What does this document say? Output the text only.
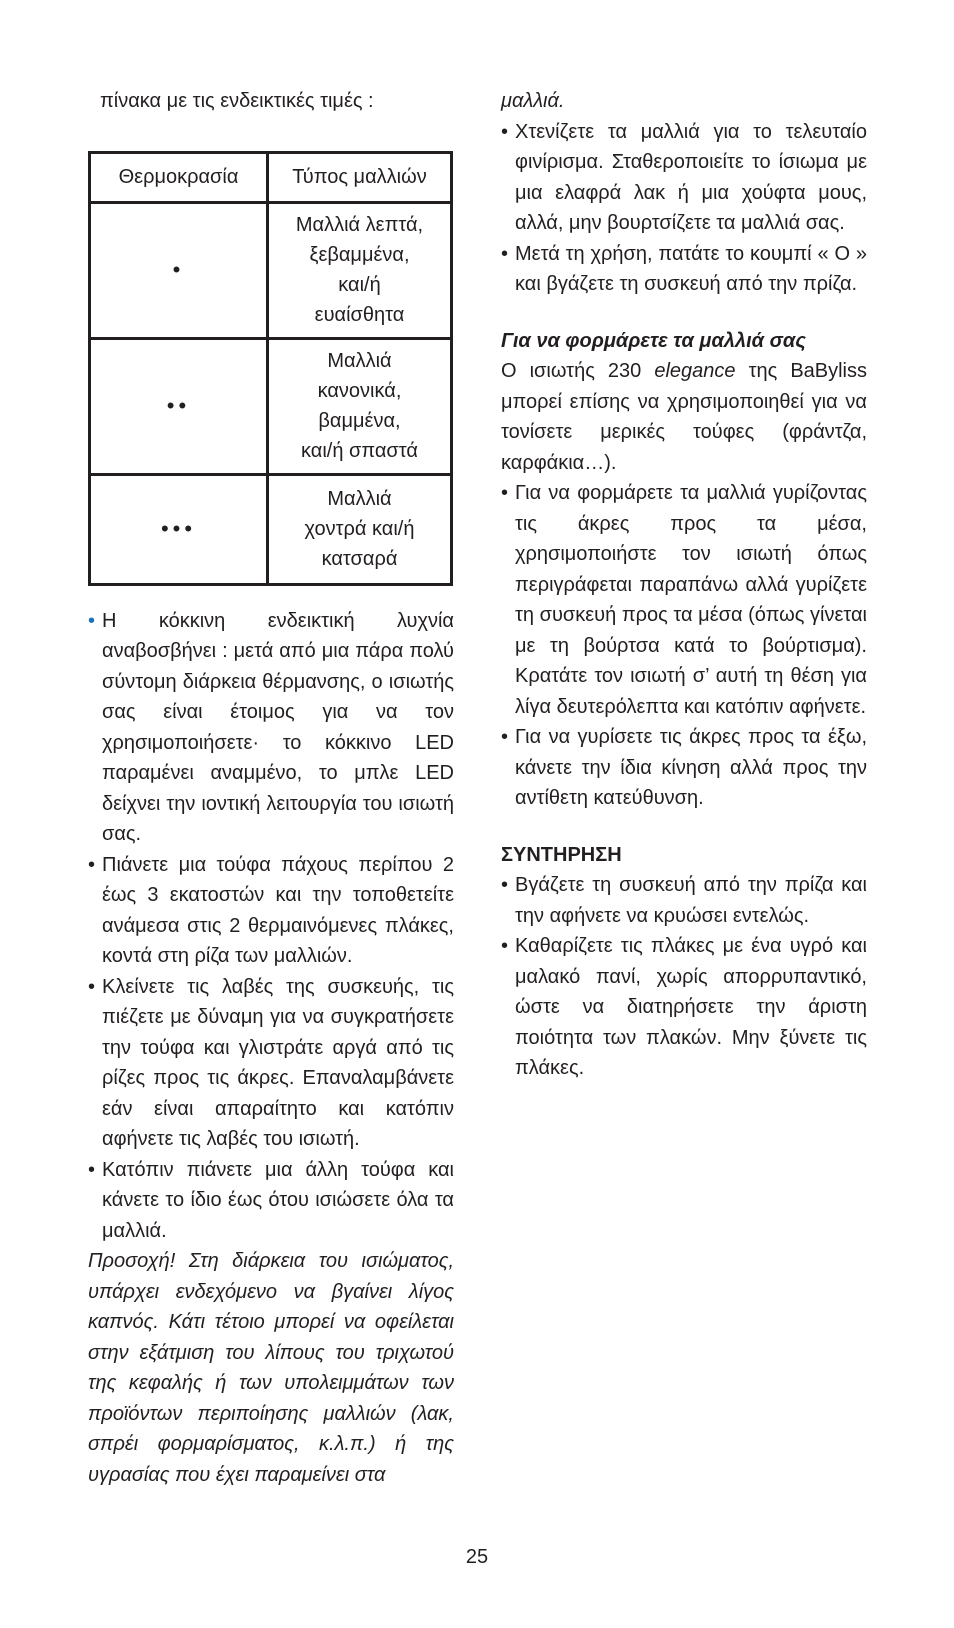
πίνακα με τις ενδεικτικές τιμές :

Θερμοκρασία	Τύπος μαλλιών
•	Μαλλιά λεπτά,
ξεβαμμένα,
και/ή
ευαίσθητα
••	Μαλλιά
κανονικά,
βαμμένα,
και/ή σπαστά
•••	Μαλλιά
χοντρά και/ή
κατσαρά
• Η κόκκινη ενδεικτική λυχνία αναβοσβήνει : μετά από μια πάρα πολύ σύντομη διάρκεια θέρμανσης, ο ισιωτής σας είναι έτοιμος για να τον χρησιμοποιήσετε· το κόκκινο LED παραμένει αναμμένο, το μπλε LED δείχνει την ιοντική λειτουργία του ισιωτή σας.
• Πιάνετε μια τούφα πάχους περίπου 2 έως 3 εκατοστών και την τοποθετείτε ανάμεσα στις 2 θερμαινόμενες πλάκες, κοντά στη ρίζα των μαλλιών.
• Κλείνετε τις λαβές της συσκευής, τις πιέζετε με δύναμη για να συγκρατήσετε την τούφα και γλιστράτε αργά από τις ρίζες προς τις άκρες. Επαναλαμβάνετε εάν είναι απαραίτητο και κατόπιν αφήνετε τις λαβές του ισιωτή.
• Κατόπιν πιάνετε μια άλλη τούφα και κάνετε το ίδιο έως ότου ισιώσετε όλα τα μαλλιά.

Προσοχή! Στη διάρκεια του ισιώματος, υπάρχει ενδεχόμενο να βγαίνει λίγος καπνός. Κάτι τέτοιο μπορεί να οφείλεται στην εξάτμιση του λίπους του τριχωτού της κεφαλής ή των υπολειμμάτων των προϊόντων περιποίησης μαλλιών (λακ, σπρέι φορμαρίσματος, κ.λ.π.) ή της υγρασίας που έχει παραμείνει στα

μαλλιά.

• Χτενίζετε τα μαλλιά για το τελευταίο φινίρισμα. Σταθεροποιείτε το ίσιωμα με μια ελαφρά λακ ή μια χούφτα μους, αλλά, μην βουρτσίζετε τα μαλλιά σας.
• Μετά τη χρήση, πατάτε το κουμπί « O » και βγάζετε τη συσκευή από την πρίζα.
Για να φορμάρετε τα μαλλιά σας

Ο ισιωτής 230 elegance της BaByliss μπορεί επίσης να χρησιμοποιηθεί για να τονίσετε μερικές τούφες (φράντζα, καρφάκια…).

• Για να φορμάρετε τα μαλλιά γυρίζοντας τις άκρες προς τα μέσα, χρησιμοποιήστε τον ισιωτή όπως περιγράφεται παραπάνω αλλά γυρίζετε τη συσκευή προς τα μέσα (όπως γίνεται με τη βούρτσα κατά το βούρτισμα). Κρατάτε τον ισιωτή σ’ αυτή τη θέση για λίγα δευτερόλεπτα και κατόπιν αφήνετε.
• Για να γυρίσετε τις άκρες προς τα έξω, κάνετε την ίδια κίνηση αλλά προς την αντίθετη κατεύθυνση.
ΣΥΝΤΗΡΗΣΗ
• Βγάζετε τη συσκευή από την πρίζα και την αφήνετε να κρυώσει εντελώς.
• Καθαρίζετε τις πλάκες με ένα υγρό και μαλακό πανί, χωρίς απορρυπαντικό, ώστε να διατηρήσετε την άριστη ποιότητα των πλακών. Μην ξύνετε τις πλάκες.
25
